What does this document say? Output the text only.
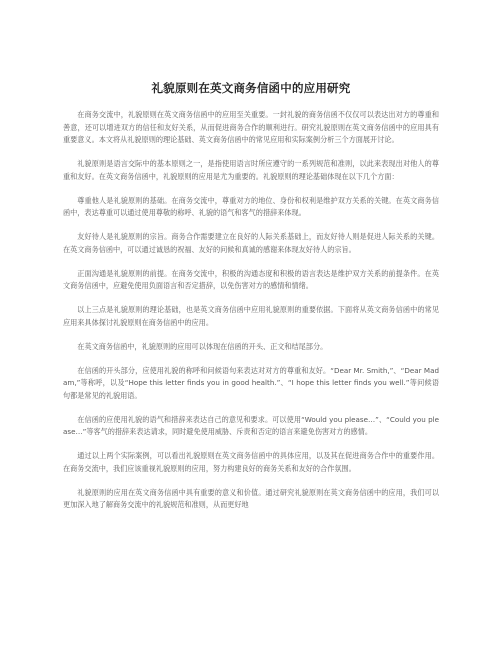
礼貌原则在英文商务信函中的应用研究

在商务交流中，礼貌原则在英文商务信函中的应用至关重要。一封礼貌的商务信函不仅仅可以表达出对方的尊重和善意，还可以增进双方的信任和友好关系，从而促进商务合作的顺利进行。研究礼貌原则在英文商务信函中的应用具有重要意义。本文将从礼貌原则的理论基础、英文商务信函中的常见应用和实际案例分析三个方面展开讨论。

礼貌原则是语言交际中的基本原则之一，是指使用语言时所应遵守的一系列规范和准则，以此来表现出对他人的尊重和友好。在英文商务信函中，礼貌原则的应用是尤为重要的。礼貌原则的理论基础体现在以下几个方面：

尊重他人是礼貌原则的基础。在商务交流中，尊重对方的地位、身份和权利是维护双方关系的关键。在英文商务信函中，表达尊重可以通过使用尊敬的称呼、礼貌的语气和客气的措辞来体现。

友好待人是礼貌原则的宗旨。商务合作需要建立在良好的人际关系基础上，而友好待人则是促进人际关系的关键。在英文商务信函中，可以通过诚恳的祝福、友好的问候和真诚的感谢来体现友好待人的宗旨。

正面沟通是礼貌原则的前提。在商务交流中，积极的沟通态度和积极的语言表达是维护双方关系的前提条件。在英文商务信函中，应避免使用负面语言和否定措辞，以免伤害对方的感情和情绪。

以上三点是礼貌原则的理论基础，也是英文商务信函中应用礼貌原则的重要依据。下面将从英文商务信函中的常见应用来具体探讨礼貌原则在商务信函中的应用。

在英文商务信函中，礼貌原则的应用可以体现在信函的开头、正文和结尾部分。

在信函的开头部分，应使用礼貌的称呼和问候语句来表达对对方的尊重和友好。“Dear Mr. Smith,”、“Dear Madam,”等称呼，以及“Hope this letter finds you in good health.”、“I hope this letter finds you well.”等问候语句都是常见的礼貌用语。

在信函的应使用礼貌的语气和措辞来表达自己的意见和要求。可以使用“Would you please…”、“Could you please…”等客气的措辞来表达请求，同时避免使用威胁、斥责和否定的语言来避免伤害对方的感情。

通过以上两个实际案例，可以看出礼貌原则在英文商务信函中的具体应用，以及其在促进商务合作中的重要作用。在商务交流中，我们应该重视礼貌原则的应用，努力构建良好的商务关系和友好的合作氛围。

礼貌原则的应用在英文商务信函中具有重要的意义和价值。通过研究礼貌原则在英文商务信函中的应用，我们可以更加深入地了解商务交流中的礼貌规范和准则，从而更好地
